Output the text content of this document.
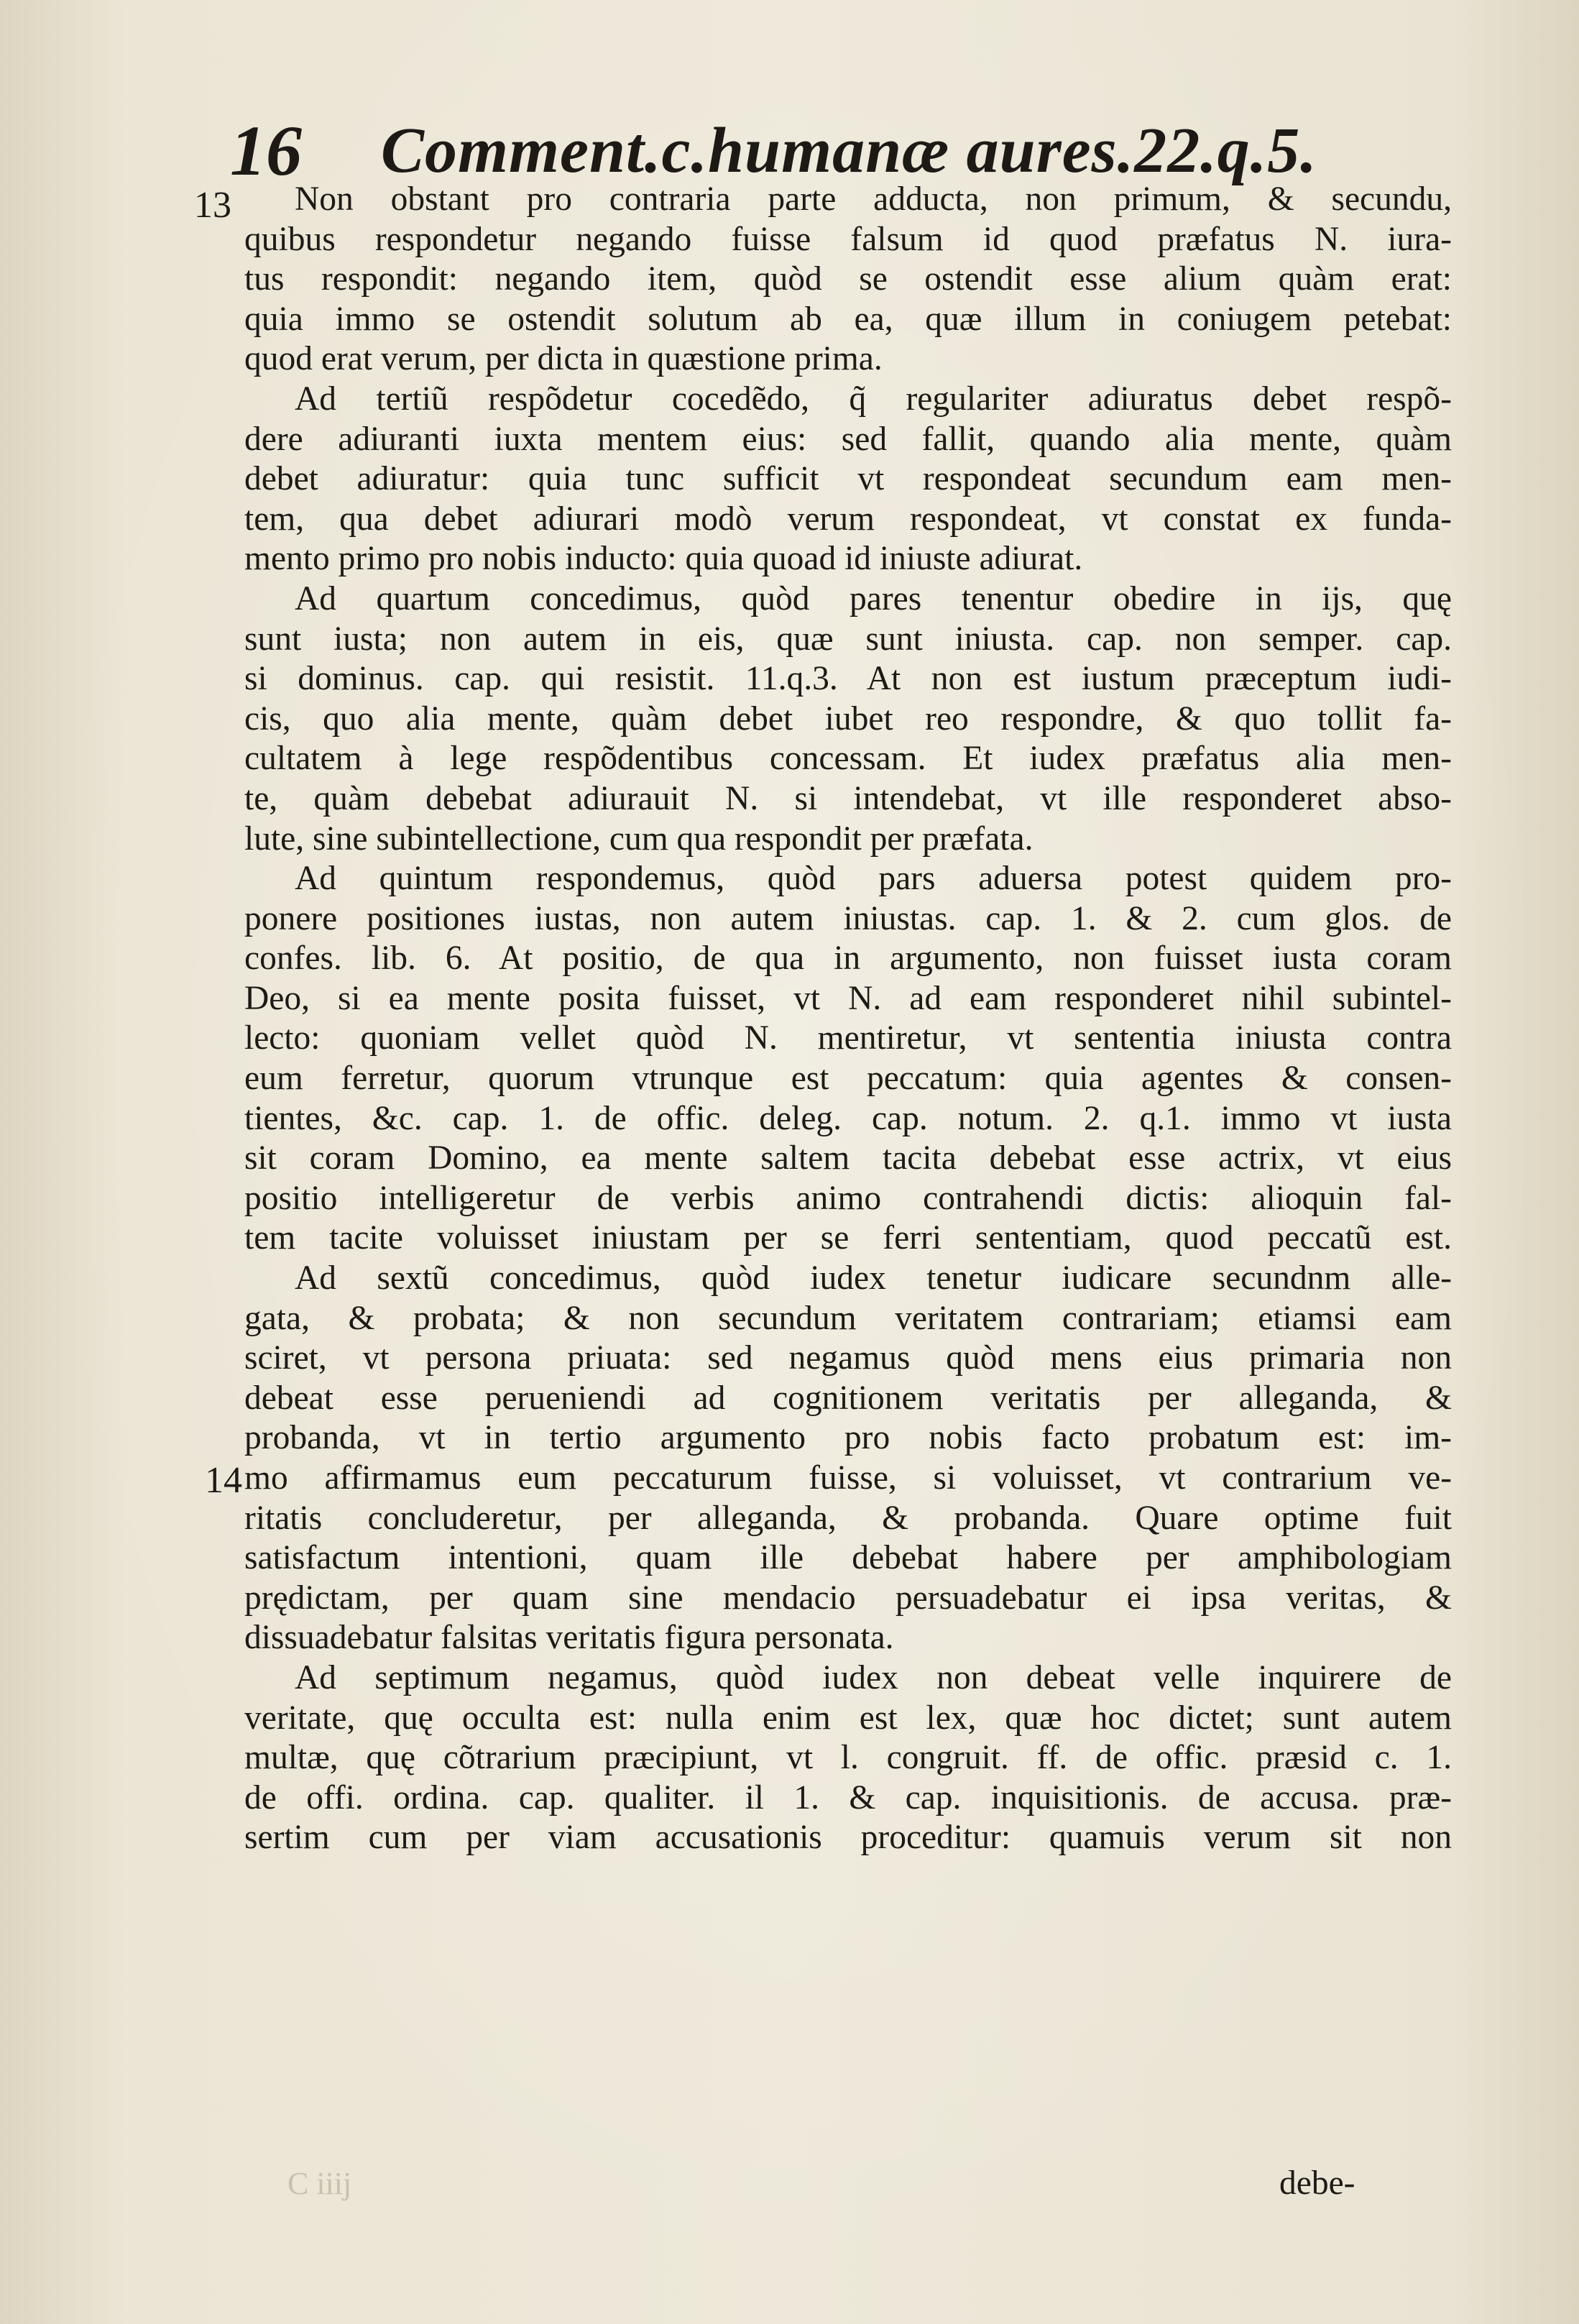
16 Comment.c.humanæ aures.22.q.5.
13
14
Non obstant pro contraria parte adducta, non primum, & secundu,
quibus respondetur negando fuisse falsum id quod præfatus N. iura-
tus respondit: negando item, quòd se ostendit esse alium quàm erat:
quia immo se ostendit solutum ab ea, quæ illum in coniugem petebat:
quod erat verum, per dicta in quæstione prima.
Ad tertiũ respõdetur cocedẽdo, q̃ regulariter adiuratus debet respõ-
dere adiuranti iuxta mentem eius: sed fallit, quando alia mente, quàm
debet adiuratur: quia tunc sufficit vt respondeat secundum eam men-
tem, qua debet adiurari modò verum respondeat, vt constat ex funda-
mento primo pro nobis inducto: quia quoad id iniuste adiurat.
Ad quartum concedimus, quòd pares tenentur obedire in ijs, quę
sunt iusta; non autem in eis, quæ sunt iniusta. cap. non semper. cap.
si dominus. cap. qui resistit. 11.q.3. At non est iustum præceptum iudi-
cis, quo alia mente, quàm debet iubet reo respondre, & quo tollit fa-
cultatem à lege respõdentibus concessam. Et iudex præfatus alia men-
te, quàm debebat adiurauit N. si intendebat, vt ille responderet abso-
lute, sine subintellectione, cum qua respondit per præfata.
Ad quintum respondemus, quòd pars aduersa potest quidem pro-
ponere positiones iustas, non autem iniustas. cap. 1. & 2. cum glos. de
confes. lib. 6. At positio, de qua in argumento, non fuisset iusta coram
Deo, si ea mente posita fuisset, vt N. ad eam responderet nihil subintel-
lecto: quoniam vellet quòd N. mentiretur, vt sententia iniusta contra
eum ferretur, quorum vtrunque est peccatum: quia agentes & consen-
tientes, &c. cap. 1. de offic. deleg. cap. notum. 2. q.1. immo vt iusta
sit coram Domino, ea mente saltem tacita debebat esse actrix, vt eius
positio intelligeretur de verbis animo contrahendi dictis: alioquin fal-
tem tacite voluisset iniustam per se ferri sententiam, quod peccatũ est.
Ad sextũ concedimus, quòd iudex tenetur iudicare secundnm alle-
gata, & probata; & non secundum veritatem contrariam; etiamsi eam
sciret, vt persona priuata: sed negamus quòd mens eius primaria non
debeat esse perueniendi ad cognitionem veritatis per alleganda, &
probanda, vt in tertio argumento pro nobis facto probatum est: im-
mo affirmamus eum peccaturum fuisse, si voluisset, vt contrarium ve-
ritatis concluderetur, per alleganda, & probanda. Quare optime fuit
satisfactum intentioni, quam ille debebat habere per amphibologiam
prędictam, per quam sine mendacio persuadebatur ei ipsa veritas, &
dissuadebatur falsitas veritatis figura personata.
Ad septimum negamus, quòd iudex non debeat velle inquirere de
veritate, quę occulta est: nulla enim est lex, quæ hoc dictet; sunt autem
multæ, quę cõtrarium præcipiunt, vt l. congruit. ff. de offic. præsid c. 1.
de offi. ordina. cap. qualiter. il 1. & cap. inquisitionis. de accusa. præ-
sertim cum per viam accusationis proceditur: quamuis verum sit non
C iiij	debe-
